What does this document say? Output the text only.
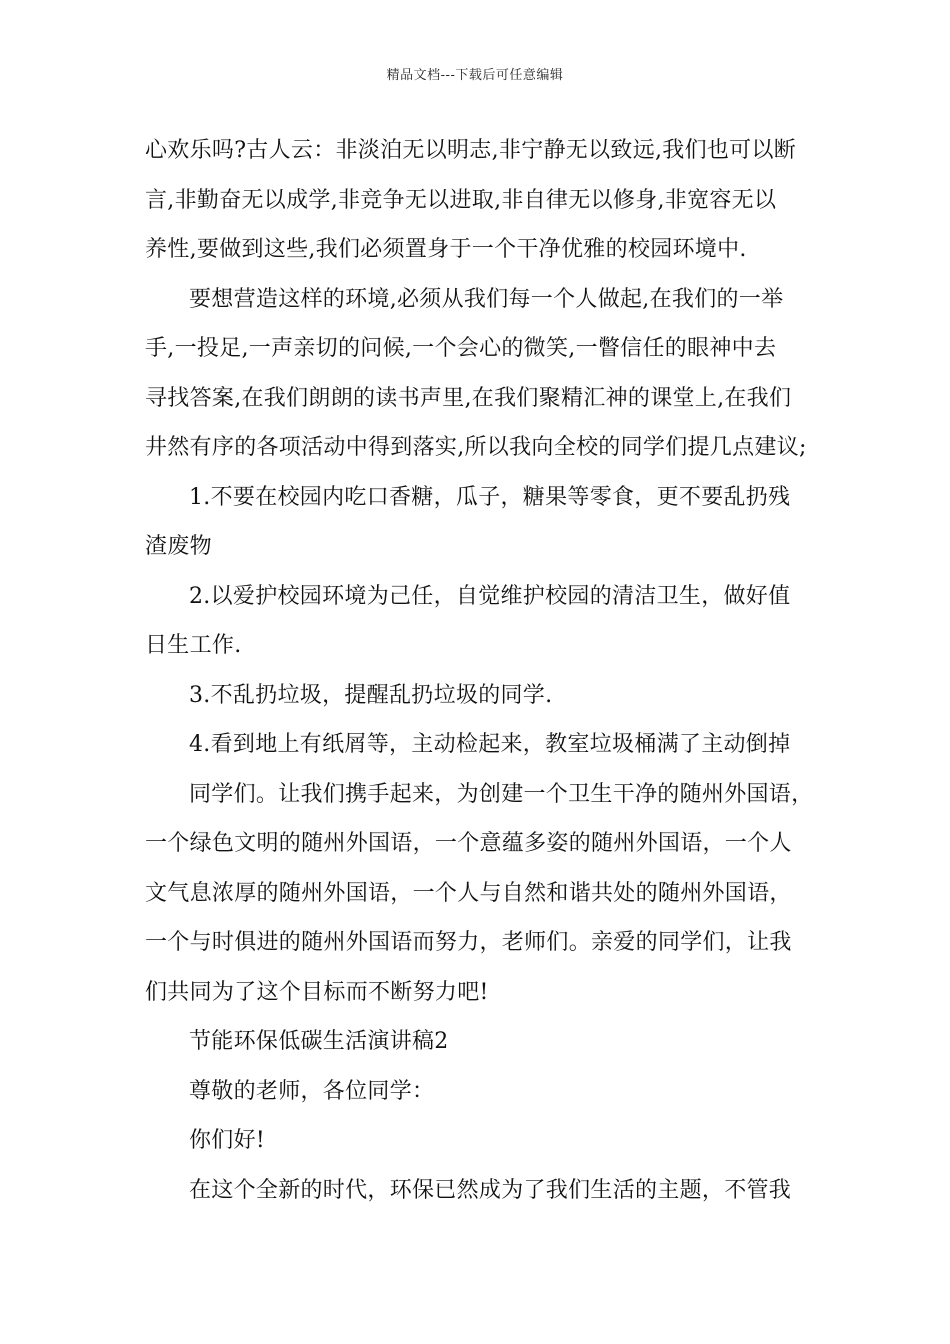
精品文档---下载后可任意编辑
心欢乐吗?古人云：非淡泊无以明志,非宁静无以致远,我们也可以断
言,非勤奋无以成学,非竞争无以进取,非自律无以修身,非宽容无以
养性,要做到这些,我们必须置身于一个干净优雅的校园环境中.
要想营造这样的环境,必须从我们每一个人做起,在我们的一举
手,一投足,一声亲切的问候,一个会心的微笑,一瞥信任的眼神中去
寻找答案,在我们朗朗的读书声里,在我们聚精汇神的课堂上,在我们
井然有序的各项活动中得到落实,所以我向全校的同学们提几点建议;
1.不要在校园内吃口香糖，瓜子，糖果等零食，更不要乱扔残
渣废物
2.以爱护校园环境为己任，自觉维护校园的清洁卫生，做好值
日生工作.
3.不乱扔垃圾，提醒乱扔垃圾的同学.
4.看到地上有纸屑等，主动检起来，教室垃圾桶满了主动倒掉
同学们。让我们携手起来，为创建一个卫生干净的随州外国语，
一个绿色文明的随州外国语，一个意蕴多姿的随州外国语，一个人
文气息浓厚的随州外国语，一个人与自然和谐共处的随州外国语，
一个与时俱进的随州外国语而努力，老师们。亲爱的同学们，让我
们共同为了这个目标而不断努力吧!
节能环保低碳生活演讲稿2
尊敬的老师，各位同学：
你们好!
在这个全新的时代，环保已然成为了我们生活的主题，不管我
